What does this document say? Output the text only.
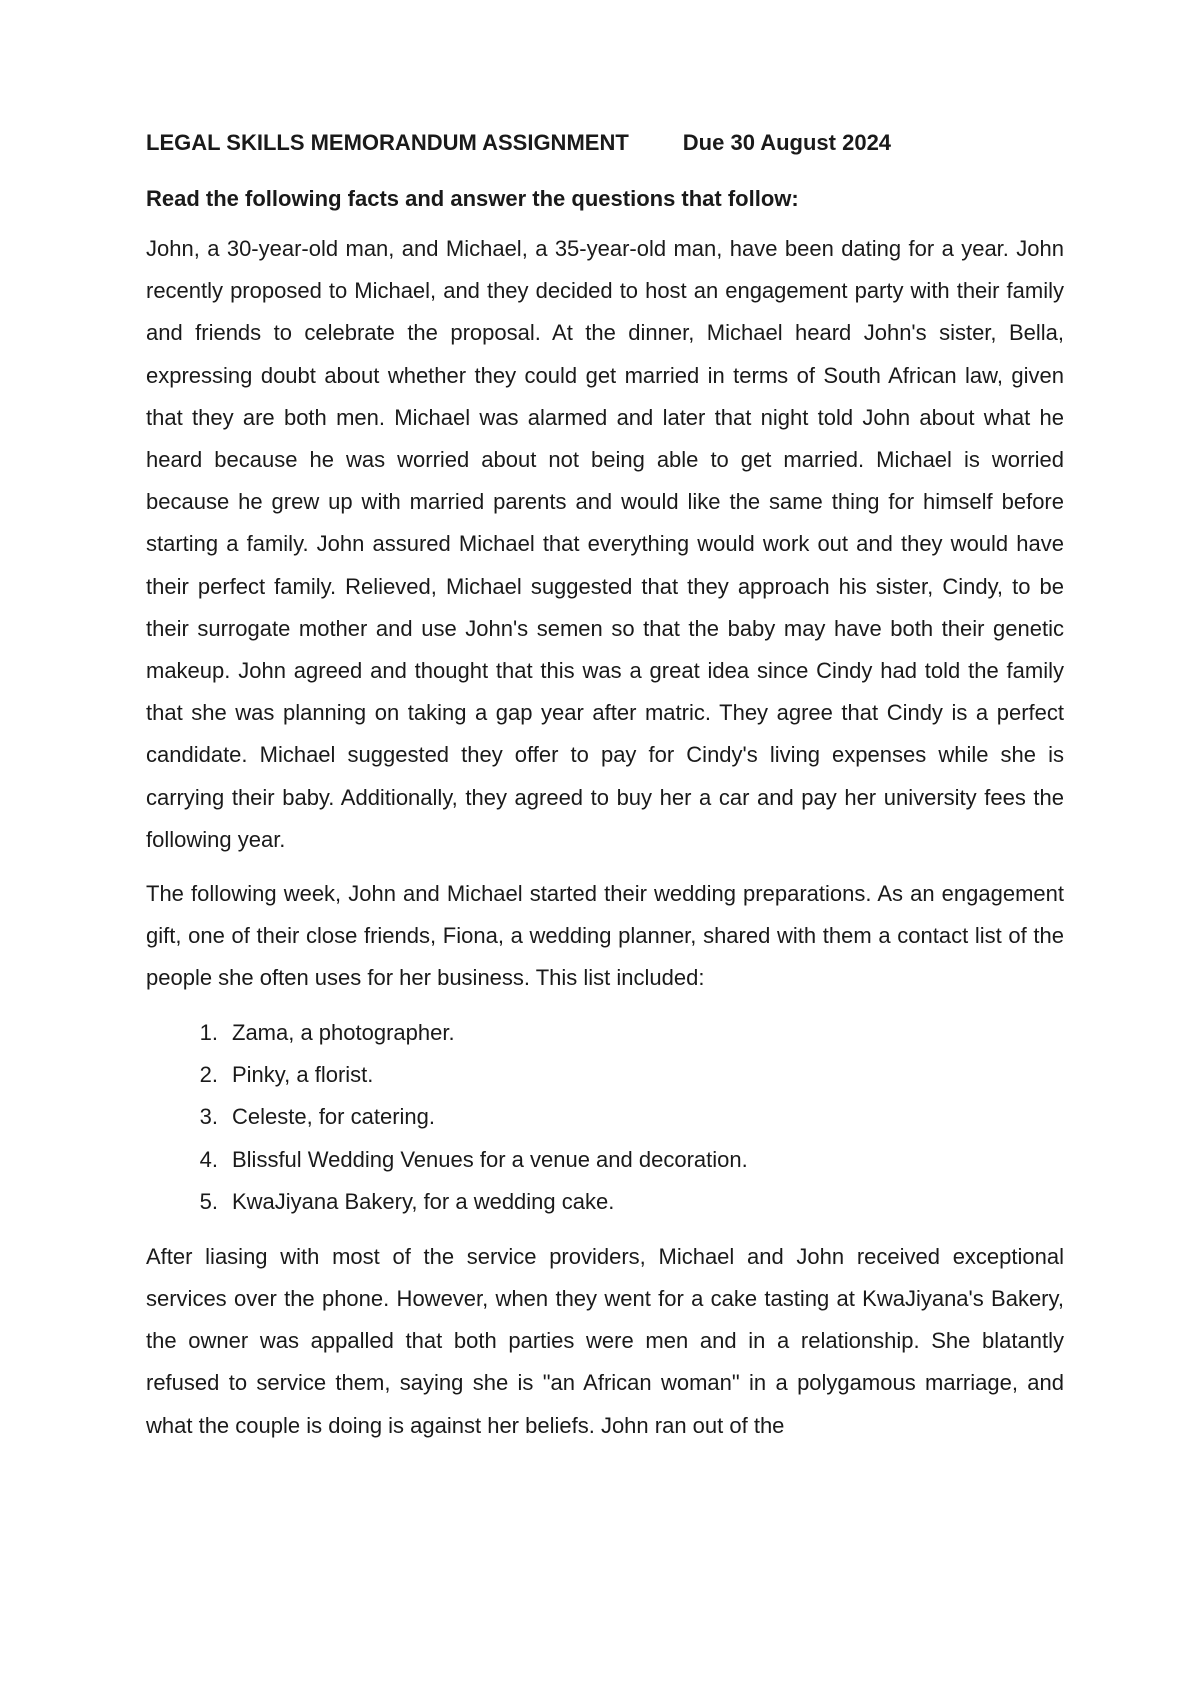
LEGAL SKILLS MEMORANDUM ASSIGNMENT Due 30 August 2024
Read the following facts and answer the questions that follow:

John, a 30-year-old man, and Michael, a 35-year-old man, have been dating for a year. John recently proposed to Michael, and they decided to host an engagement party with their family and friends to celebrate the proposal. At the dinner, Michael heard John's sister, Bella, expressing doubt about whether they could get married in terms of South African law, given that they are both men. Michael was alarmed and later that night told John about what he heard because he was worried about not being able to get married. Michael is worried because he grew up with married parents and would like the same thing for himself before starting a family. John assured Michael that everything would work out and they would have their perfect family. Relieved, Michael suggested that they approach his sister, Cindy, to be their surrogate mother and use John's semen so that the baby may have both their genetic makeup. John agreed and thought that this was a great idea since Cindy had told the family that she was planning on taking a gap year after matric. They agree that Cindy is a perfect candidate. Michael suggested they offer to pay for Cindy's living expenses while she is carrying their baby. Additionally, they agreed to buy her a car and pay her university fees the following year.

The following week, John and Michael started their wedding preparations. As an engagement gift, one of their close friends, Fiona, a wedding planner, shared with them a contact list of the people she often uses for her business. This list included:

1. Zama, a photographer.
2. Pinky, a florist.
3. Celeste, for catering.
4. Blissful Wedding Venues for a venue and decoration.
5. KwaJiyana Bakery, for a wedding cake.

After liasing with most of the service providers, Michael and John received exceptional services over the phone. However, when they went for a cake tasting at KwaJiyana's Bakery, the owner was appalled that both parties were men and in a relationship. She blatantly refused to service them, saying she is "an African woman" in a polygamous marriage, and what the couple is doing is against her beliefs. John ran out of the
